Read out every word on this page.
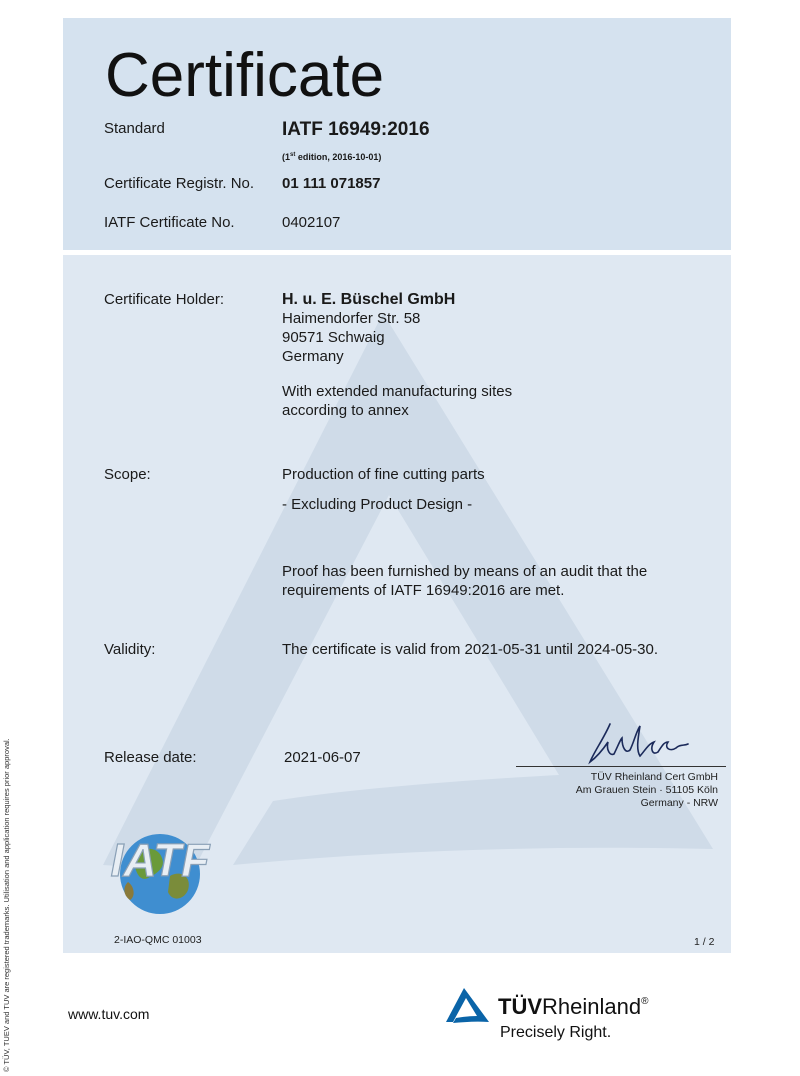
Certificate
Standard	IATF 16949:2016
(1st edition, 2016-10-01)
Certificate Registr. No. 01 111 071857
IATF Certificate No.	0402107
Certificate Holder:	H. u. E. Büschel GmbH
Haimendorfer Str. 58
90571 Schwaig
Germany
With extended manufacturing sites
according to annex
Scope:	Production of fine cutting parts
- Excluding Product Design -
Proof has been furnished by means of an audit that the
requirements of IATF 16949:2016 are met.
Validity:	The certificate is valid from 2021-05-31 until 2024-05-30.
Release date:	2021-06-07
TÜV Rheinland Cert GmbH
Am Grauen Stein · 51105 Köln
Germany - NRW
IATF
2-IAO-QMC 01003	1 / 2
© TÜV, TUEV and TUV are registered trademarks. Utilisation and application requires prior approval.	www.tuv.com	TÜVRheinland®
Precisely Right.
